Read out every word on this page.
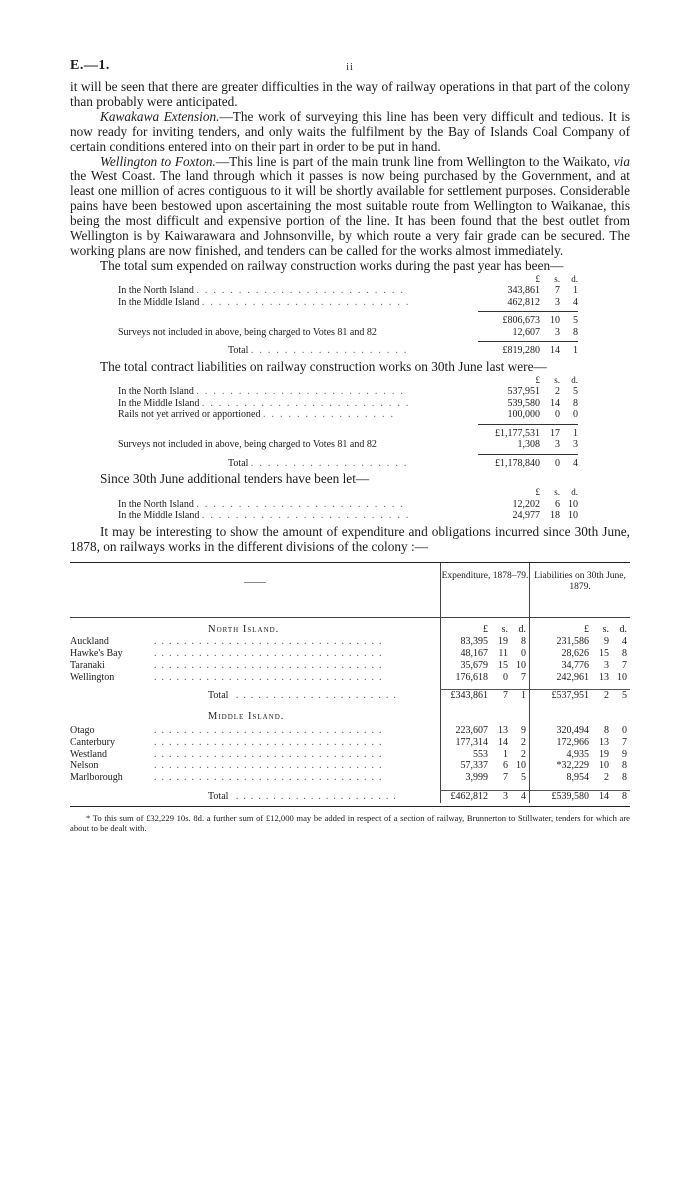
E.—1.	ii

it will be seen that there are greater difficulties in the way of railway operations in that part of the colony than probably were anticipated.

Kawakawa Extension.—The work of surveying this line has been very difficult and tedious. It is now ready for inviting tenders, and only waits the fulfilment by the Bay of Islands Coal Company of certain conditions entered into on their part in order to be put in hand.

Wellington to Foxton.—This line is part of the main trunk line from Wellington to the Waikato, via the West Coast. The land through which it passes is now being purchased by the Government, and at least one million of acres contiguous to it will be shortly available for settlement purposes. Considerable pains have been bestowed upon ascertaining the most suitable route from Wellington to Waikanae, this being the most difficult and expensive portion of the line. It has been found that the best outlet from Wellington is by Kaiwarawara and Johnsonville, by which route a very fair grade can be secured. The working plans are now finished, and tenders can be called for the works almost immediately.

The total sum expended on railway construction works during the past year has been—

£	s.	d.
In the North Island .........................	343,861	7	1
In the Middle Island .........................	462,812	3	4
£806,673	10	5
Surveys not included in above, being charged to Votes 81 and 82	12,607	3	8
Total ...................	£819,280	14	1

The total contract liabilities on railway construction works on 30th June last were—

£	s.	d.
In the North Island .........................	537,951	2	5
In the Middle Island .........................	539,580	14	8
Rails not yet arrived or apportioned ................	100,000	0	0
£1,177,531	17	1
Surveys not included in above, being charged to Votes 81 and 82	1,308	3	3
Total ...................	£1,178,840	0	4

Since 30th June additional tenders have been let—

£	s.	d.
In the North Island .........................	12,202	6 10
In the Middle Island .........................	24,977	18 10

It may be interesting to show the amount of expenditure and obligations incurred since 30th June, 1878, on railways works in the different divisions of the colony :—

——	Expenditure, 1878–79. Liabilities on 30th June, 1879.
North Island.	£	s.	d.	£	s.	d.
Auckland	...............................	83,395	19	8	231,586	9	4
Hawke's Bay	...............................	48,167	11	0	28,626	15	8
Taranaki	...............................	35,679	15 10	34,776	3	7
Wellington	...............................	176,618	0	7	242,961	13 10
Total ......................	£343,861	7	1	£537,951	2	5
Middle Island.
Otago	...............................	223,607	13	9	320,494	8	0
Canterbury	...............................	177,314	14	2	172,966	13	7
Westland	...............................	553	1	2	4,935	19	9
Nelson	...............................	57,337	6 10	*32,229	10	8
Marlborough	...............................	3,999	7	5	8,954	2	8
Total ......................	£462,812	3	4	£539,580	14	8

* To this sum of £32,229 10s. 8d. a further sum of £12,000 may be added in respect of a section of railway, Brunnerton to Stillwater, tenders for which are about to be dealt with.
